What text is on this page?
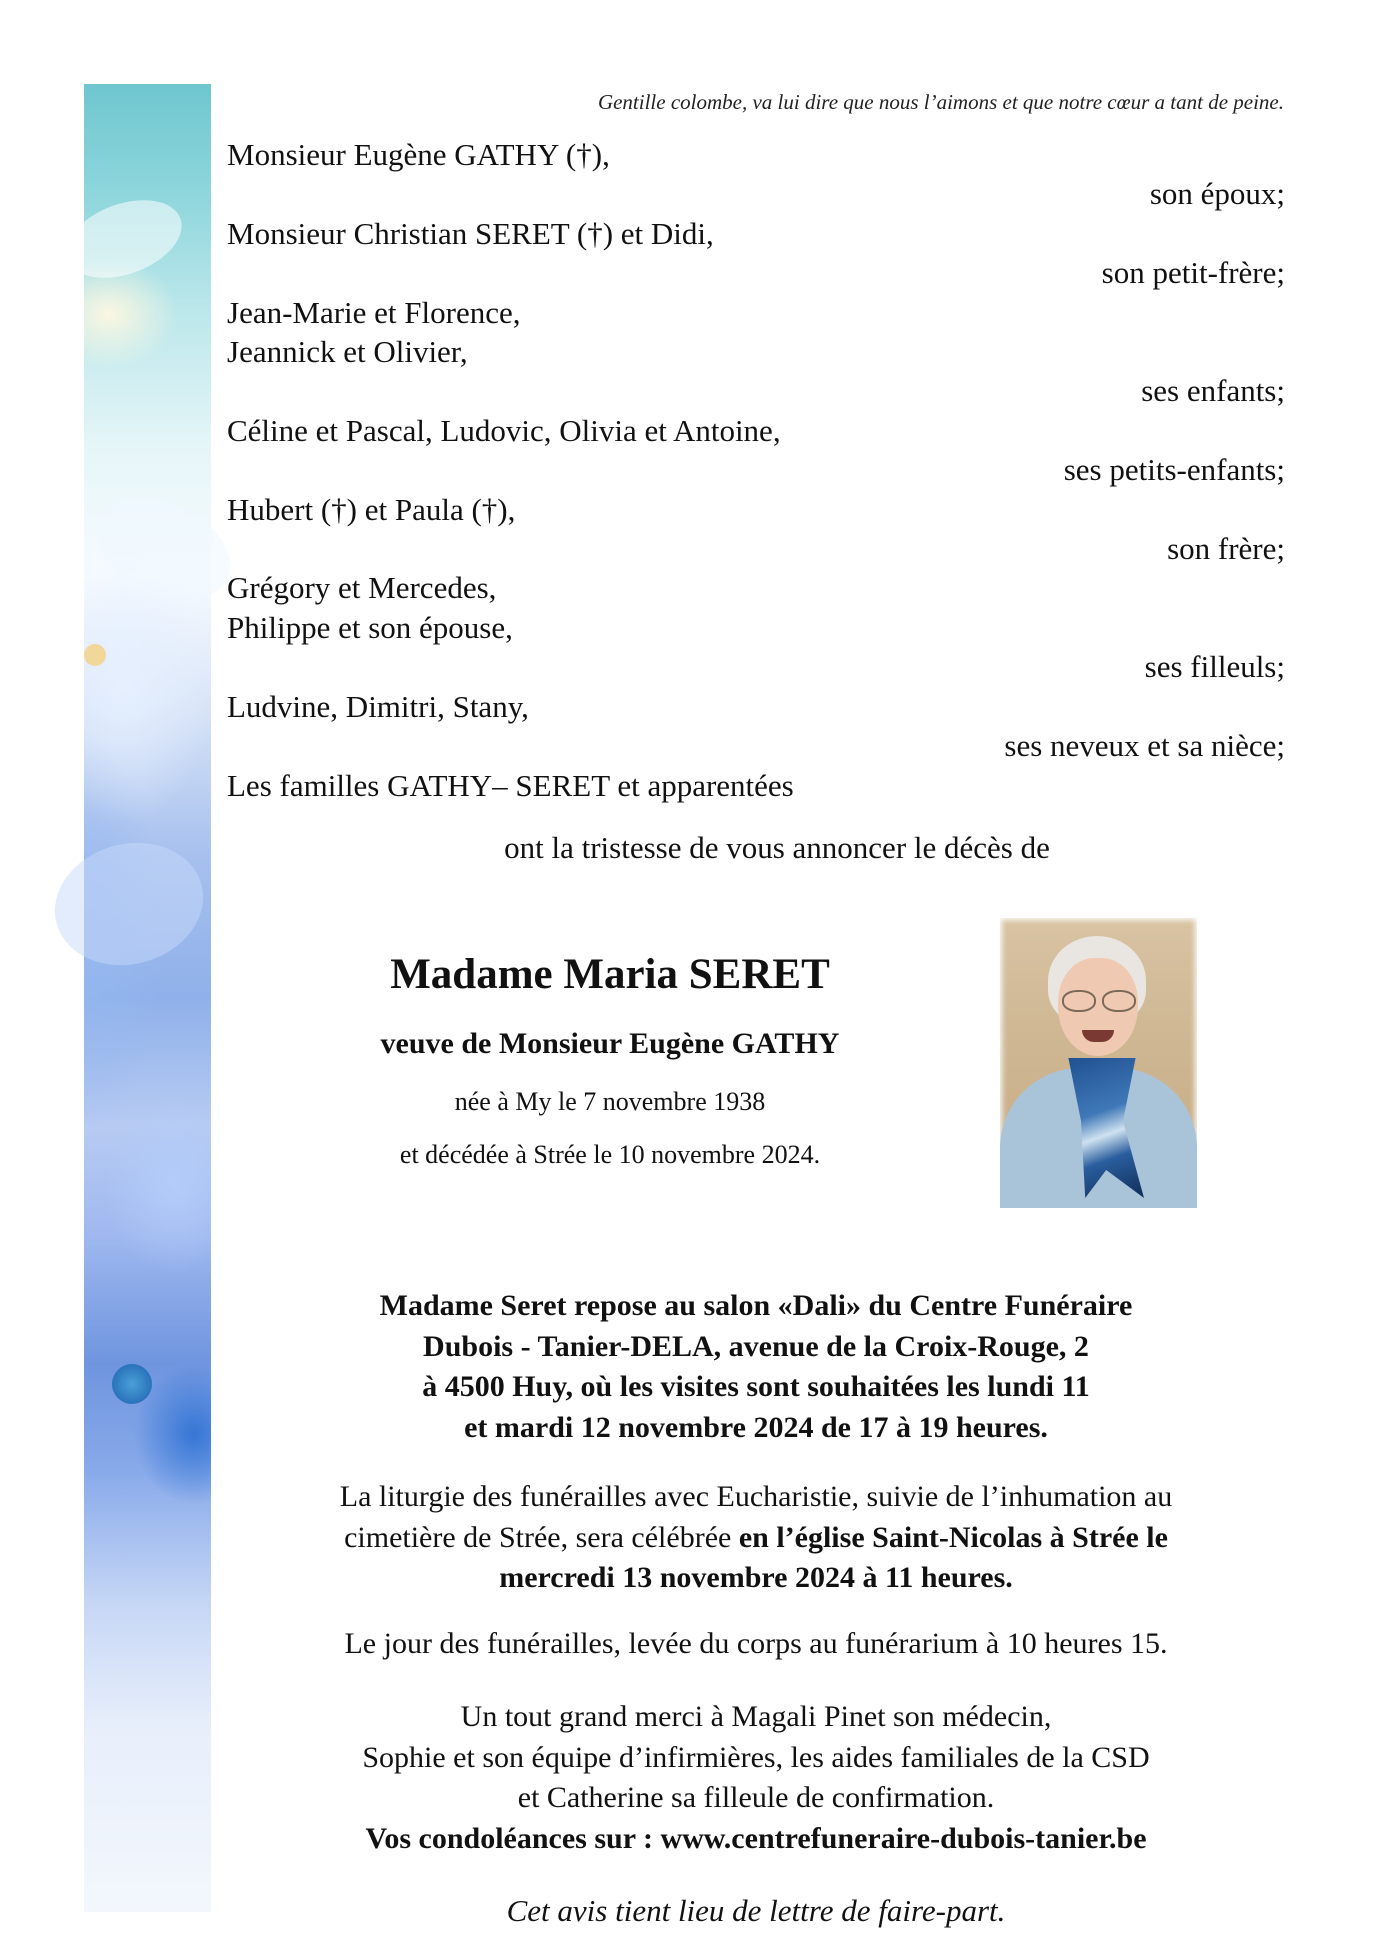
Gentille colombe, va lui dire que nous l’aimons et que notre cœur a tant de peine.

Monsieur Eugène GATHY (†),
son époux;
Monsieur Christian SERET (†) et Didi,
son petit-frère;
Jean-Marie et Florence,
Jeannick et Olivier,
ses enfants;
Céline et Pascal, Ludovic, Olivia et Antoine,
ses petits-enfants;
Hubert (†) et Paula (†),
son frère;
Grégory et Mercedes,
Philippe et son épouse,
ses filleuls;
Ludvine, Dimitri, Stany,
ses neveux et sa nièce;
Les familles GATHY– SERET et apparentées
ont la tristesse de vous annoncer le décès de

Madame Maria SERET

veuve de Monsieur Eugène GATHY

née à My le 7 novembre 1938

et décédée à Strée le 10 novembre 2024.

Madame Seret repose au salon «Dali» du Centre Funéraire

Dubois - Tanier-DELA, avenue de la Croix-Rouge, 2

à 4500 Huy, où les visites sont souhaitées les lundi 11

et mardi 12 novembre 2024 de 17 à 19 heures.

La liturgie des funérailles avec Eucharistie, suivie de l’inhumation au

cimetière de Strée, sera célébrée en l’église Saint-Nicolas à Strée le

mercredi 13 novembre 2024 à 11 heures.

Le jour des funérailles, levée du corps au funérarium à 10 heures 15.

Un tout grand merci à Magali Pinet son médecin,

Sophie et son équipe d’infirmières, les aides familiales de la CSD

et Catherine sa filleule de confirmation.

Vos condoléances sur : www.centrefuneraire-dubois-tanier.be

Cet avis tient lieu de lettre de faire-part.
